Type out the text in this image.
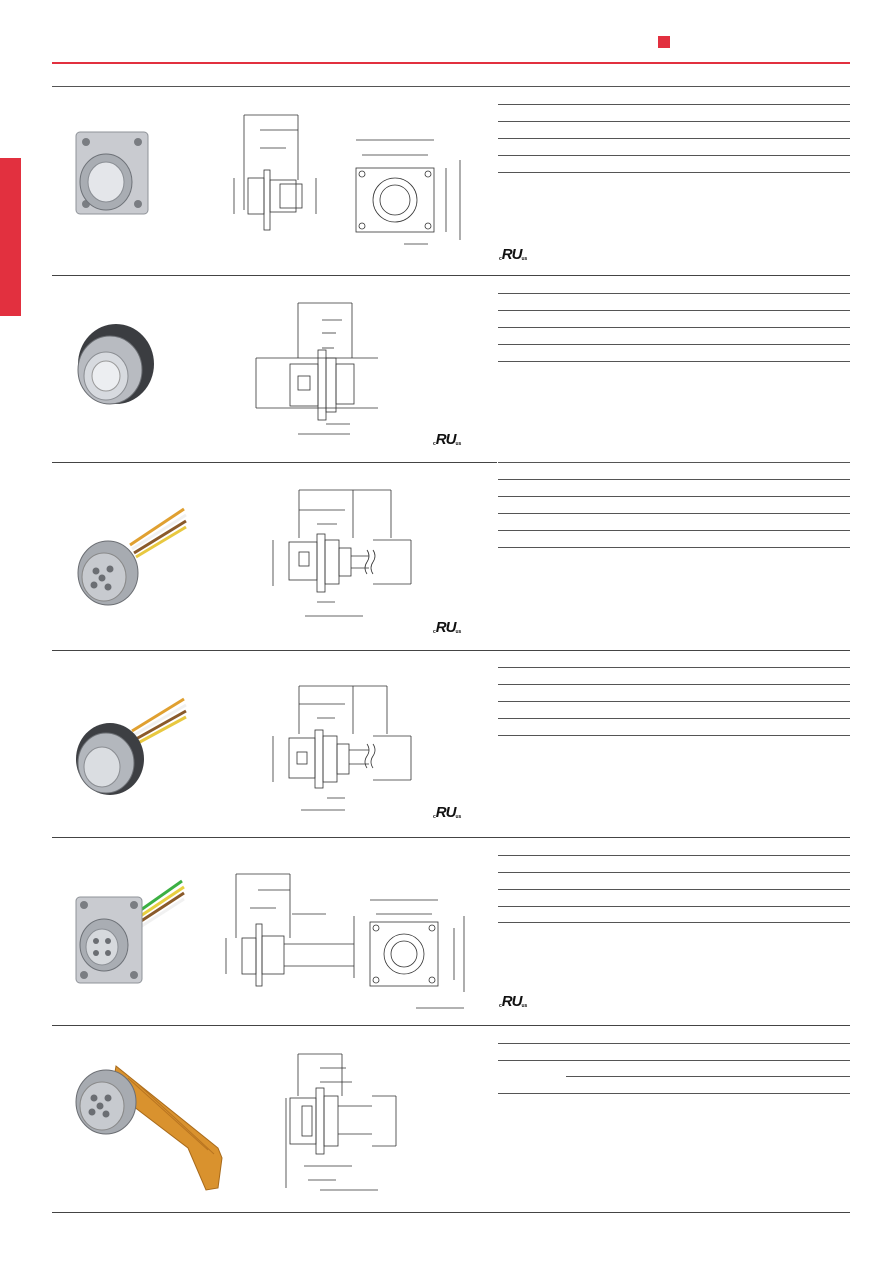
cRUus
cRUus
cRUus
cRUus
cRUus
